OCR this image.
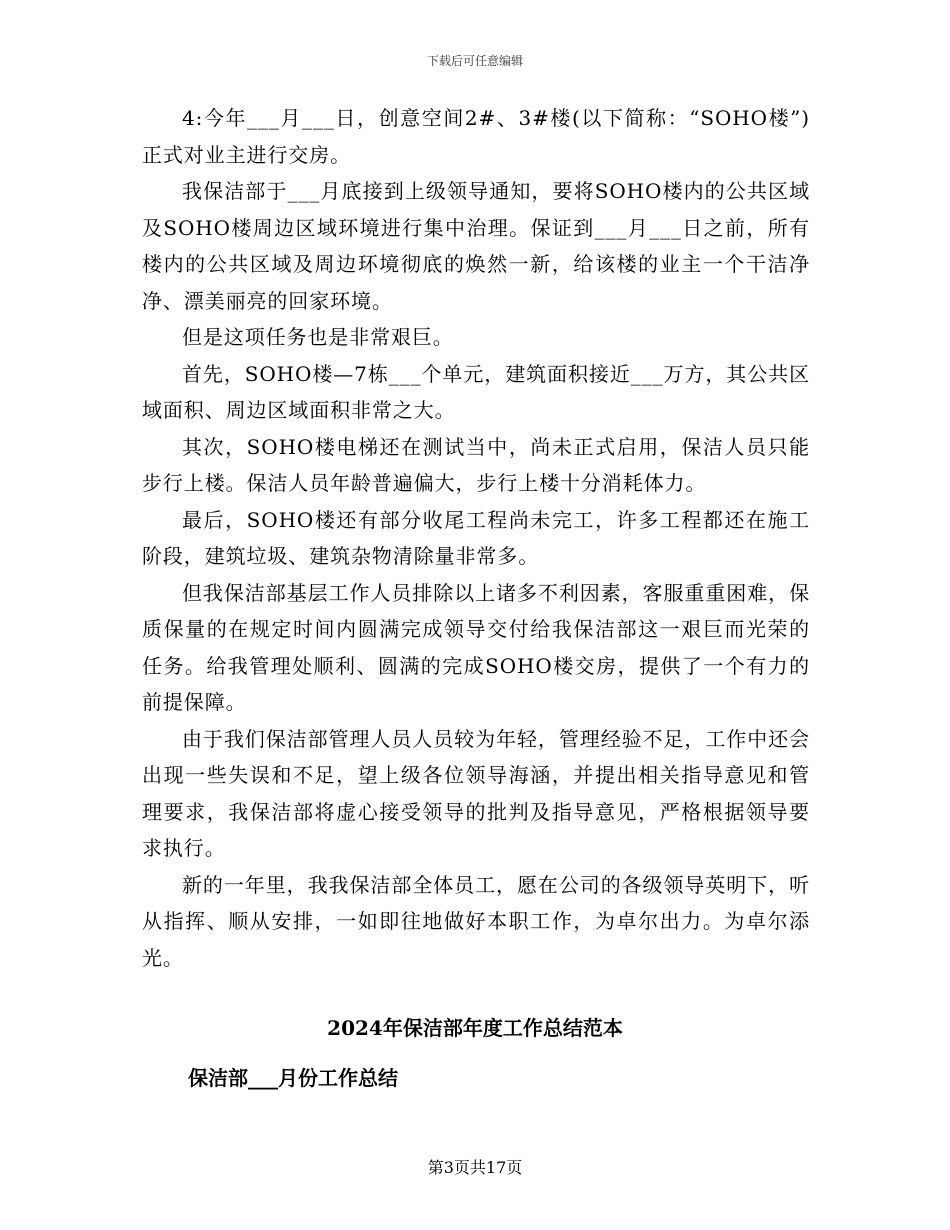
下载后可任意编辑

4:今年___月___日，创意空间2#、3#楼(以下简称：“SOHO楼”)正式对业主进行交房。

我保洁部于___月底接到上级领导通知，要将SOHO楼内的公共区域及SOHO楼周边区域环境进行集中治理。保证到___月___日之前，所有楼内的公共区域及周边环境彻底的焕然一新，给该楼的业主一个干洁净净、漂美丽亮的回家环境。

但是这项任务也是非常艰巨。

首先，SOHO楼—7栋___个单元，建筑面积接近___万方，其公共区域面积、周边区域面积非常之大。

其次，SOHO楼电梯还在测试当中，尚未正式启用，保洁人员只能步行上楼。保洁人员年龄普遍偏大，步行上楼十分消耗体力。

最后，SOHO楼还有部分收尾工程尚未完工，许多工程都还在施工阶段，建筑垃圾、建筑杂物清除量非常多。

但我保洁部基层工作人员排除以上诸多不利因素，客服重重困难，保质保量的在规定时间内圆满完成领导交付给我保洁部这一艰巨而光荣的任务。给我管理处顺利、圆满的完成SOHO楼交房，提供了一个有力的前提保障。

由于我们保洁部管理人员人员较为年轻，管理经验不足，工作中还会出现一些失误和不足，望上级各位领导海涵，并提出相关指导意见和管理要求，我保洁部将虚心接受领导的批判及指导意见，严格根据领导要求执行。

新的一年里，我我保洁部全体员工，愿在公司的各级领导英明下，听从指挥、顺从安排，一如即往地做好本职工作，为卓尔出力。为卓尔添光。

2024年保洁部年度工作总结范本
保洁部___月份工作总结
第3页共17页
